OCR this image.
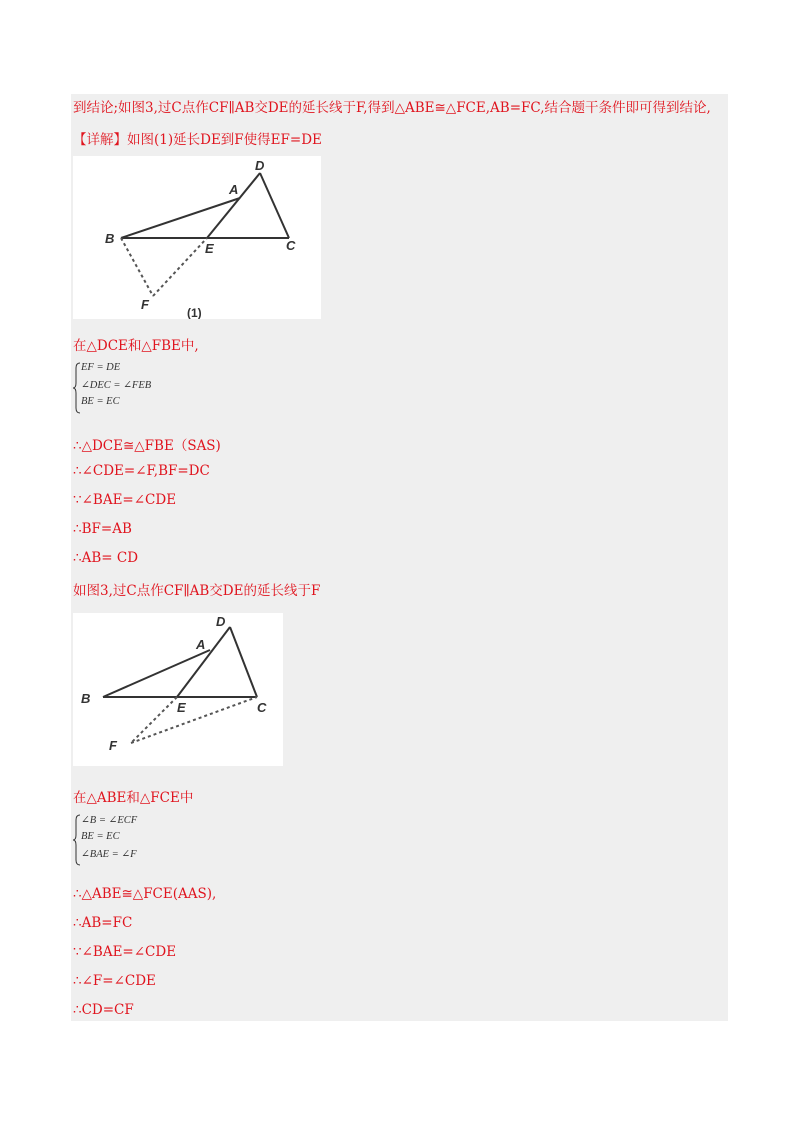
到结论;如图3,过C点作CF∥AB交DE的延长线于F,得到△ABE≅△FCE,AB=FC,结合题干条件即可得到结论,
【详解】如图(1)延长DE到F使得EF=DE
D
A
B
E	C
F
(1)
在△DCE和△FBE中,
EF = DE
∠DEC = ∠FEB
BE = EC
∴△DCE≅△FBE（SAS)
∴∠CDE=∠F,BF=DC
∵∠BAE=∠CDE
∴BF=AB
∴AB= CD
如图3,过C点作CF∥AB交DE的延长线于F
D
A
B
E	C
F
在△ABE和△FCE中
∠B = ∠ECF
BE = EC
∠BAE = ∠F
∴△ABE≅△FCE(AAS),
∴AB=FC
∵∠BAE=∠CDE
∴∠F=∠CDE
∴CD=CF
